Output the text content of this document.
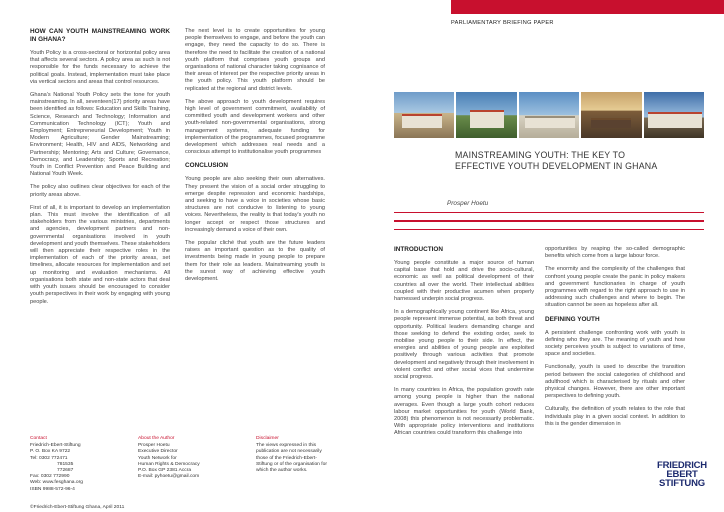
HOW CAN YOUTH MAINSTREAMING WORK IN GHANA?

Youth Policy is a cross-sectoral or horizontal policy area that affects several sectors. A policy area as such is not responsible for the funds necessary to achieve the political goals. Instead, implementation must take place via vertical sectors and areas that control resources.

Ghana's National Youth Policy sets the tone for youth mainstreaming. In all, seventeen(17) priority areas have been identified as follows: Education and Skills Training, Science, Research and Technology; Information and Communication Technology (ICT); Youth and Employment; Entrepreneurial Development; Youth in Modern Agriculture; Gender Mainstreaming; Environment; Health, HIV and AIDS, Networking and Partnership; Mentoring; Arts and Culture; Governance, Democracy, and Leadership; Sports and Recreation; Youth in Conflict Prevention and Peace Building and National Youth Week.

The policy also outlines clear objectives for each of the priority areas above.

First of all, it is important to develop an implementation plan. This must involve the identification of all stakeholders from the various ministries, departments and agencies, development partners and non-governmental organisations involved in youth development and youth themselves. These stakeholders will then appreciate their respective roles in the implementation of each of the priority areas, set timelines, allocate resources for implementation and set up monitoring and evaluation mechanisms. All organisations both state and non-state actors that deal with youth issues should be encouraged to consider youth perspectives in their work by engaging with young people.

The next level is to create opportunities for young people themselves to engage, and before the youth can engage, they need the capacity to do so. There is therefore the need to facilitate the creation of a national youth platform that comprises youth groups and organisations of national character taking cognisance of their areas of interest per the respective priority areas in the youth policy. This youth platform should be replicated at the regional and district levels.

The above approach to youth development requires high level of government commitment, availability of committed youth and development workers and other youth-related non-governmental organisations, strong management systems, adequate funding for implementation of the programmes, focused programme development which addresses real needs and a conscious attempt to institutionalise youth programmes

CONCLUSION

Young people are also seeking their own alternatives. They present the vision of a social order struggling to emerge despite repression and economic hardships, and seeking to have a voice in societies whose basic structures are not conducive to listening to young voices. Nevertheless, the reality is that today's youth no longer accept or respect those structures and increasingly demand a voice of their own.

The popular cliché that youth are the future leaders raises an important question as to the quality of investments being made in young people to prepare them for their role as leaders. Mainstreaming youth is the surest way of achieving effective youth development.

Contact
Friedrich-Ebert-Stiftung
P. O. Box KA 9722
Tel: 0302 772471
781535
772687
Fax: 0302 772990
Web: www.fesghana.org
ISBN 9988-572-96-4
About the Author
Prosper Hoetu
Executive Director
Youth Network for
Human Rights & Democracy
P.O. Box GP 2381 Accra
E-mail: pyhoetu@gmail.com
Disclaimer
The views expressed in this
publication are not necessarily
those of the Friedrich-Ebert-
Stiftung or of the organisation for
which the author works.
©Friedrich-Ebert-Stiftung Ghana, April 2011
PARLIAMENTARY BRIEFING PAPER
MAINSTREAMING YOUTH: THE KEY TO
EFFECTIVE YOUTH DEVELOPMENT IN GHANA
Prosper Hoetu
INTRODUCTION

Young people constitute a major source of human capital base that hold and drive the socio-cultural, economic as well as political development of their countries all over the world. Their intellectual abilities coupled with their productive acumen when properly harnessed underpin social progress.

In a demographically young continent like Africa, young people represent immense potential, as both threat and opportunity. Political leaders demanding change and those seeking to defend the existing order, seek to mobilise young people to their side. In effect, the energies and abilities of young people are exploited positively through various activities that promote development and negatively through their involvement in violent conflict and other social vices that undermine social progress.

In many countries in Africa, the population growth rate among young people is higher than the national averages. Even though a large youth cohort reduces labour market opportunities for youth (World Bank, 2008) this phenomenon is not necessarily problematic. With appropriate policy interventions and institutions African countries could transform this challenge into

opportunities by reaping the so-called demographic benefits which come from a large labour force.

The enormity and the complexity of the challenges that confront young people create the panic in policy makers and government functionaries in charge of youth programmes with regard to the right approach to use in addressing such challenges and where to begin. The situation cannot be seen as hopeless after all.

DEFINING YOUTH

A persistent challenge confronting work with youth is defining who they are. The meaning of youth and how society perceives youth is subject to variations of time, space and societies.

Functionally, youth is used to describe the transition period between the social categories of childhood and adulthood which is characterised by rituals and other physical changes. However, there are other important perspectives to defining youth.

Culturally, the definition of youth relates to the role that individuals play in a given social context. In addition to this is the gender dimension in

FRIEDRICH
EBERT
STIFTUNG
